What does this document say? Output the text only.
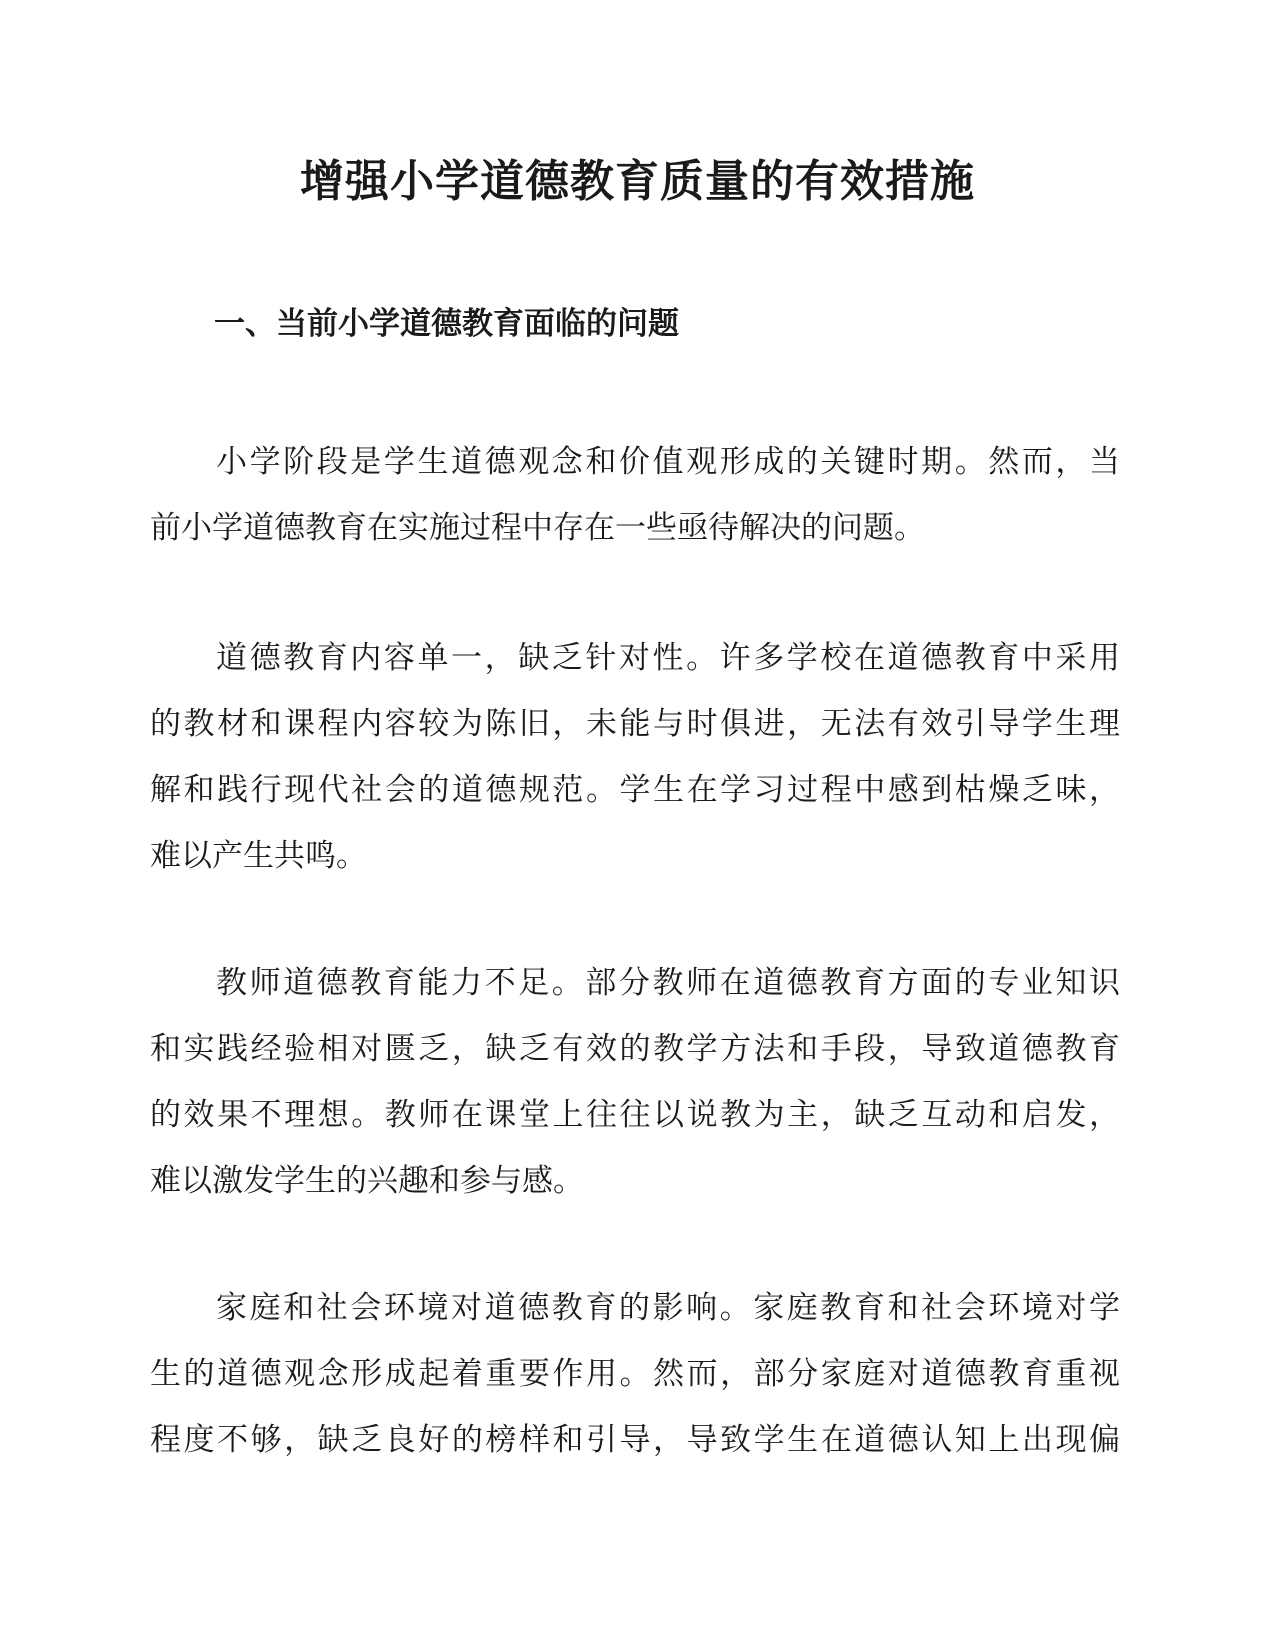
增强小学道德教育质量的有效措施
一、当前小学道德教育面临的问题

小学阶段是学生道德观念和价值观形成的关键时期。然而，当
前小学道德教育在实施过程中存在一些亟待解决的问题。

道德教育内容单一，缺乏针对性。许多学校在道德教育中采用
的教材和课程内容较为陈旧，未能与时俱进，无法有效引导学生理
解和践行现代社会的道德规范。学生在学习过程中感到枯燥乏味，
难以产生共鸣。

教师道德教育能力不足。部分教师在道德教育方面的专业知识
和实践经验相对匮乏，缺乏有效的教学方法和手段，导致道德教育
的效果不理想。教师在课堂上往往以说教为主，缺乏互动和启发，
难以激发学生的兴趣和参与感。

家庭和社会环境对道德教育的影响。家庭教育和社会环境对学
生的道德观念形成起着重要作用。然而，部分家庭对道德教育重视
程度不够，缺乏良好的榜样和引导，导致学生在道德认知上出现偏
